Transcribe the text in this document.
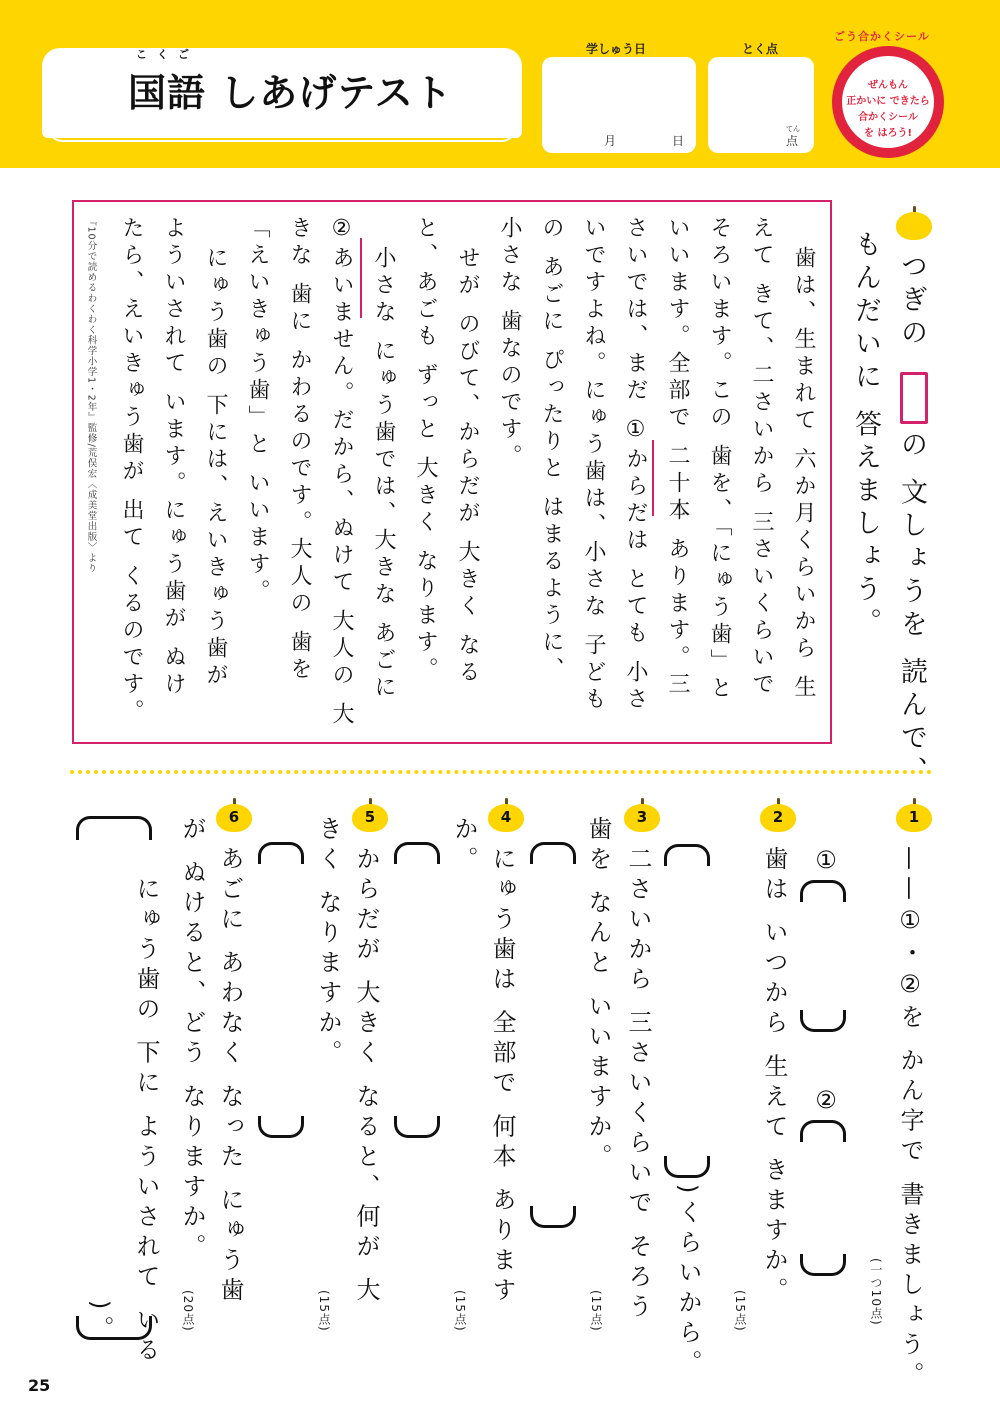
こくご
国語 しあげテスト
学しゅう日
月	日
とく点
てん
点
ごう合かくシール
ぜんもん
正かいに できたら
合かくシール
を はろう!
つぎの
の 文しょうを 読んで、
もんだいに 答えましょう。
歯は、生まれて 六か月くらいから 生
えて きて、二さいから 三さいくらいで
そろいます。この 歯を、「にゅう歯」と
いいます。全部で 二十本 あります。三
さいでは、まだ ①からだは とても 小さ
いですよね。にゅう歯は、小さな 子ども
の あごに ぴったりと はまるように、
小さな 歯なのです。
せが のびて、からだが 大きく なる
と、あごも ずっと 大きく なります。
小さな にゅう歯では、大きな あごに
②あいません。だから、ぬけて 大人の 大
きな 歯に かわるのです。大人の 歯を
「えいきゅう歯」と いいます。
にゅう歯の 下には、えいきゅう歯が
よういされて います。にゅう歯が ぬけ
たら、えいきゅう歯が 出て くるのです。
『10分で読めるわくわく科学小学1・2年』監修/荒俣宏〈成美堂出版〉より
1
——①・②を かん字で 書きましょう。
(一つ10点)
2
歯は いつから 生えて きますか。 ①
②
(15点)
3
二さいから 三さいくらいで そろう )くらいから。
歯を なんと いいますか。
(15点)
4
にゅう歯は 全部で 何本 あります
か。
(15点)
5
からだが 大きく なると、何が 大
きく なりますか。
(15点)
6
あごに あわなく なった にゅう歯
が ぬけると、どう なりますか。
(20点)
にゅう歯の 下に よういされて いる
)。
25
